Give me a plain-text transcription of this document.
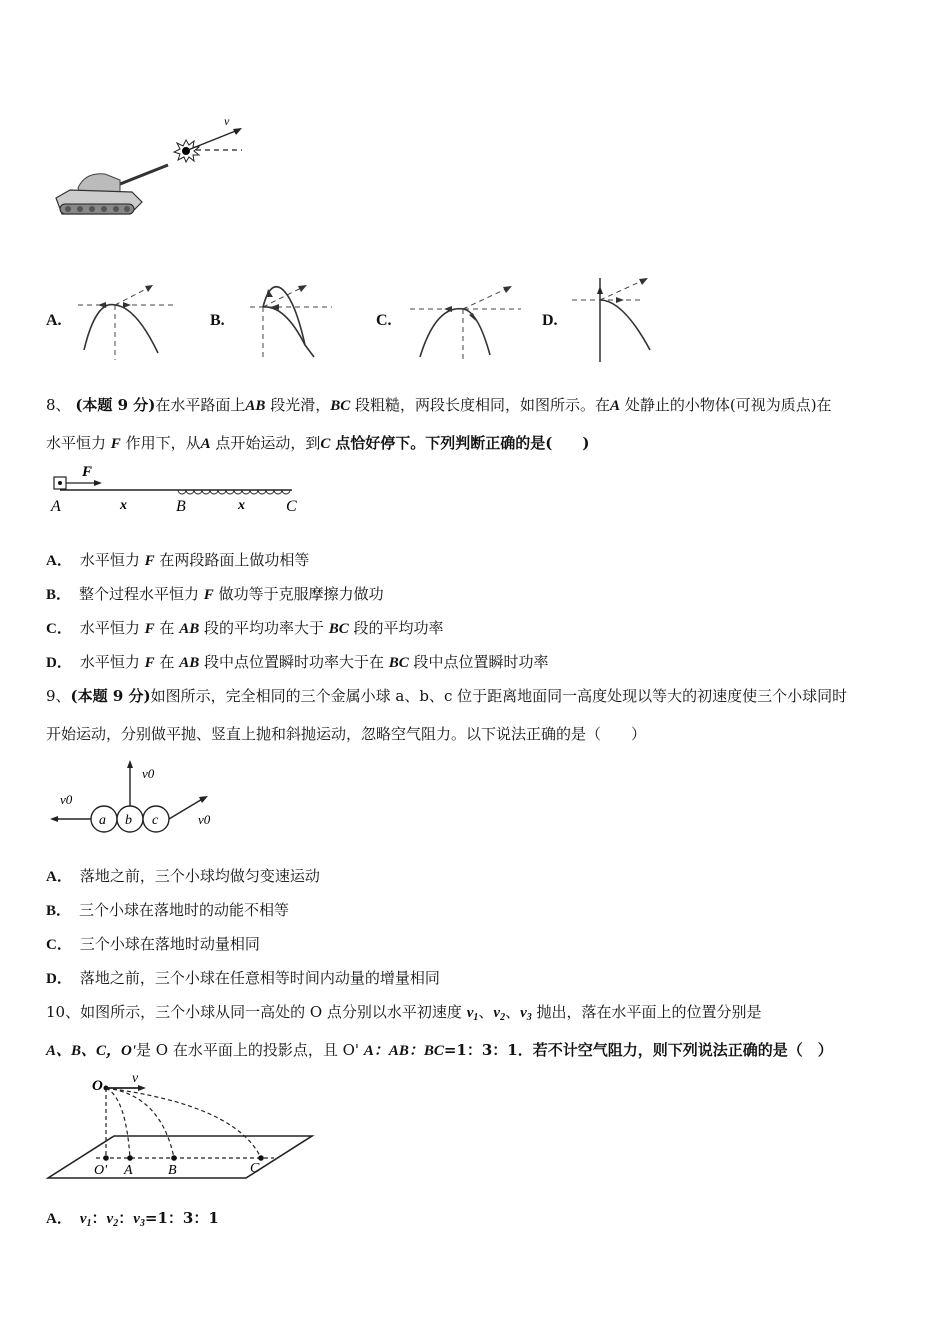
v
A.	B.	C.	D.
8、 (本题 9 分)在水平路面上AB 段光滑，BC 段粗糙，两段长度相同，如图所示。在A 处静止的小物体(可视为质点)在
水平恒力 F 作用下，从A 点开始运动，到C 点恰好停下。下列判断正确的是(　　)
F
A	x	B	x	C
A． 水平恒力 F 在两段路面上做功相等
B． 整个过程水平恒力 F 做功等于克服摩擦力做功
C． 水平恒力 F 在 AB 段的平均功率大于 BC 段的平均功率
D． 水平恒力 F 在 AB 段中点位置瞬时功率大于在 BC 段中点位置瞬时功率
9、(本题 9 分)如图所示，完全相同的三个金属小球 a、b、c 位于距离地面同一高度处现以等大的初速度使三个小球同时
开始运动，分别做平抛、竖直上抛和斜抛运动，忽略空气阻力。以下说法正确的是（　　）
a b c
v0
v0
v0
A． 落地之前，三个小球均做匀变速运动
B． 三个小球在落地时的动能不相等
C． 三个小球在落地时动量相同
D． 落地之前，三个小球在任意相等时间内动量的增量相同
10、如图所示，三个小球从同一高处的 O 点分别以水平初速度 $v_1$、$v_2$、$v_3$ 抛出，落在水平面上的位置分别是
A、B、C，O'是 O 在水平面上的投影点，且 O' A：AB：BC=1：3：1．若不计空气阻力，则下列说法正确的是（　）
O v
O' A	B	C
A． $v_1$：$v_2$：$v_3=1$：3：1
